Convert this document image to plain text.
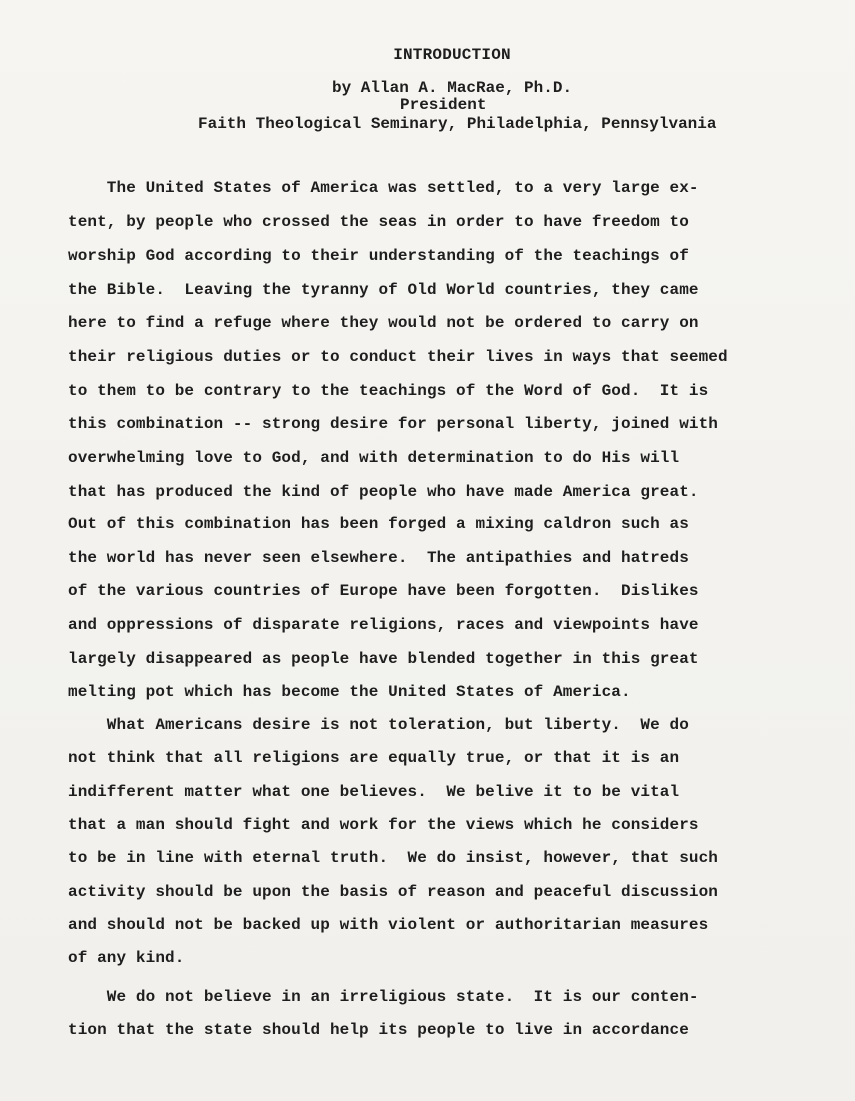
INTRODUCTION
by Allan A. MacRae, Ph.D.
President
Faith Theological Seminary, Philadelphia, Pennsylvania
The United States of America was settled, to a very large ex-
tent, by people who crossed the seas in order to have freedom to
worship God according to their understanding of the teachings of
the Bible.  Leaving the tyranny of Old World countries, they came
here to find a refuge where they would not be ordered to carry on
their religious duties or to conduct their lives in ways that seemed
to them to be contrary to the teachings of the Word of God.  It is
this combination -- strong desire for personal liberty, joined with
overwhelming love to God, and with determination to do His will
that has produced the kind of people who have made America great.
Out of this combination has been forged a mixing caldron such as
the world has never seen elsewhere.  The antipathies and hatreds
of the various countries of Europe have been forgotten.  Dislikes
and oppressions of disparate religions, races and viewpoints have
largely disappeared as people have blended together in this great
melting pot which has become the United States of America.
What Americans desire is not toleration, but liberty.  We do
not think that all religions are equally true, or that it is an
indifferent matter what one believes.  We belive it to be vital
that a man should fight and work for the views which he considers
to be in line with eternal truth.  We do insist, however, that such
activity should be upon the basis of reason and peaceful discussion
and should not be backed up with violent or authoritarian measures
of any kind.
We do not believe in an irreligious state.  It is our conten-
tion that the state should help its people to live in accordance
